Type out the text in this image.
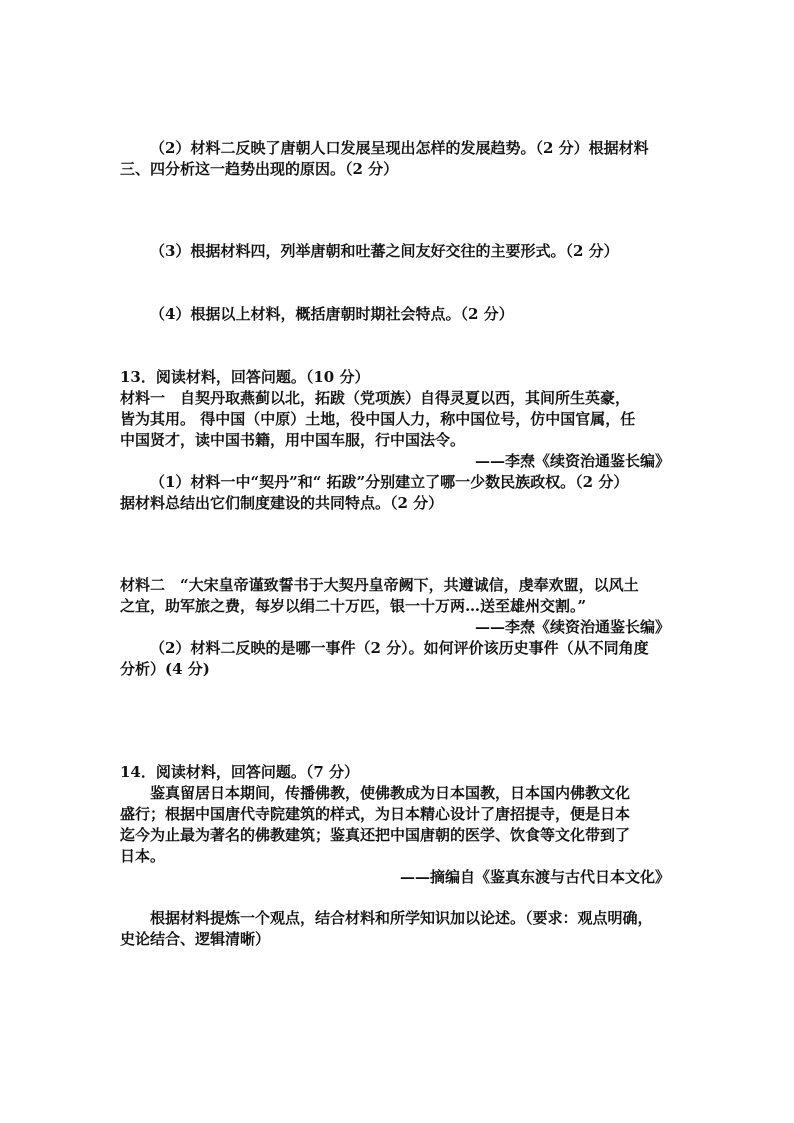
（2）材料二反映了唐朝人口发展呈现出怎样的发展趋势。（2 分）根据材料
三、四分析这一趋势出现的原因。（2 分）
（3）根据材料四，列举唐朝和吐蕃之间友好交往的主要形式。（2 分）
（4）根据以上材料，概括唐朝时期社会特点。（2 分）
13．阅读材料，回答问题。（10 分）
材料一　自契丹取燕蓟以北，拓跋（党项族）自得灵夏以西，其间所生英豪，
皆为其用。 得中国（中原）土地，役中国人力，称中国位号，仿中国官属，任
中国贤才，读中国书籍，用中国车服，行中国法令。
——李焘《续资治通鉴长编》
（1）材料一中“契丹”和“ 拓跋”分别建立了哪一少数民族政权。（2 分）
据材料总结出它们制度建设的共同特点。（2 分）
材料二　“大宋皇帝谨致誓书于大契丹皇帝阙下，共遵诚信，虔奉欢盟，以风土
之宜，助军旅之费，每岁以绢二十万匹，银一十万两…送至雄州交割。”
——李焘《续资治通鉴长编》
（2）材料二反映的是哪一事件（2 分）。如何评价该历史事件（从不同角度
分析）(4 分)
14．阅读材料，回答问题。（7 分）
鉴真留居日本期间，传播佛教，使佛教成为日本国教，日本国内佛教文化
盛行；根据中国唐代寺院建筑的样式，为日本精心设计了唐招提寺，便是日本
迄今为止最为著名的佛教建筑；鉴真还把中国唐朝的医学、饮食等文化带到了
日本。
——摘编自《鉴真东渡与古代日本文化》
根据材料提炼一个观点，结合材料和所学知识加以论述。（要求：观点明确，
史论结合、逻辑清晰）
